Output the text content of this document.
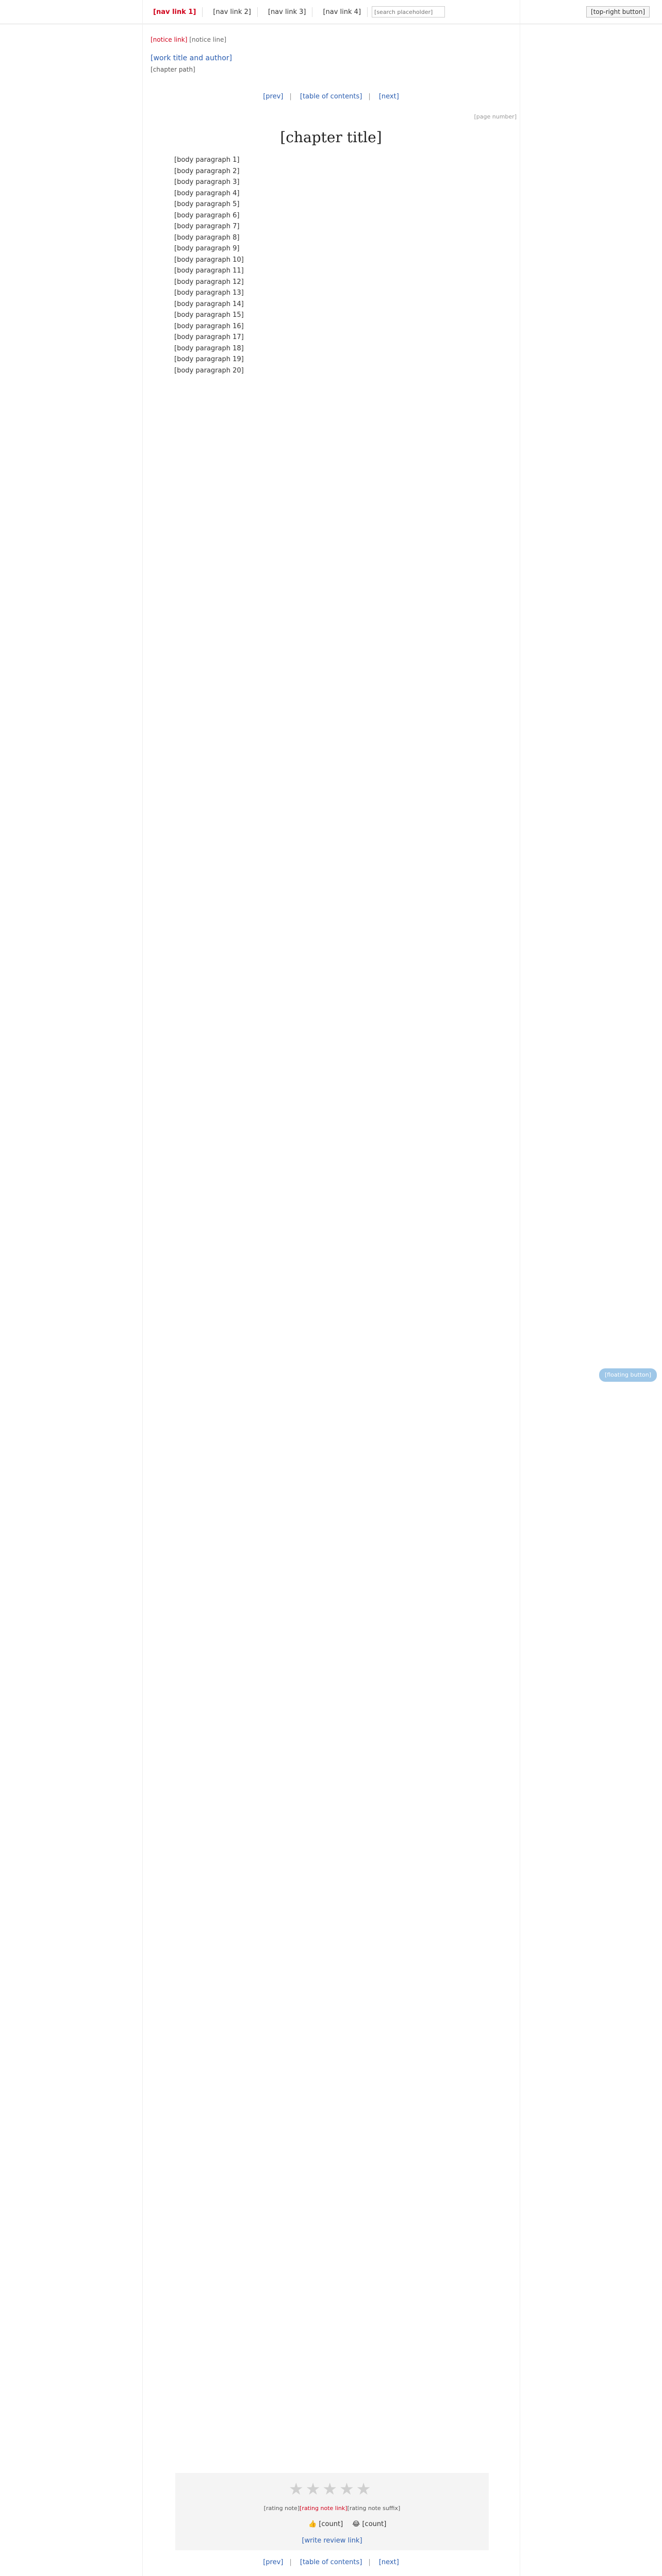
[nav link 1]	[nav link 2]	[nav link 3]	[nav link 4]
[search placeholder]	[top-right button]
[notice link] [notice line]
[work title and author]
[chapter path]
[prev] | [table of contents] | [next]
[page number]
[chapter title]

[body paragraph 1]

[body paragraph 2]

[body paragraph 3]

[body paragraph 4]

[body paragraph 5]

[body paragraph 6]

[body paragraph 7]

[body paragraph 8]

[body paragraph 9]

[body paragraph 10]

[body paragraph 11]

[body paragraph 12]

[body paragraph 13]

[body paragraph 14]

[body paragraph 15]

[body paragraph 16]

[body paragraph 17]

[body paragraph 18]

[body paragraph 19]

[body paragraph 20]

★★★★★
[rating note][rating note link][rating note suffix]
👍 [count] 😂 [count]
[write review link]
[prev] | [table of contents] | [next]
[floating button]
